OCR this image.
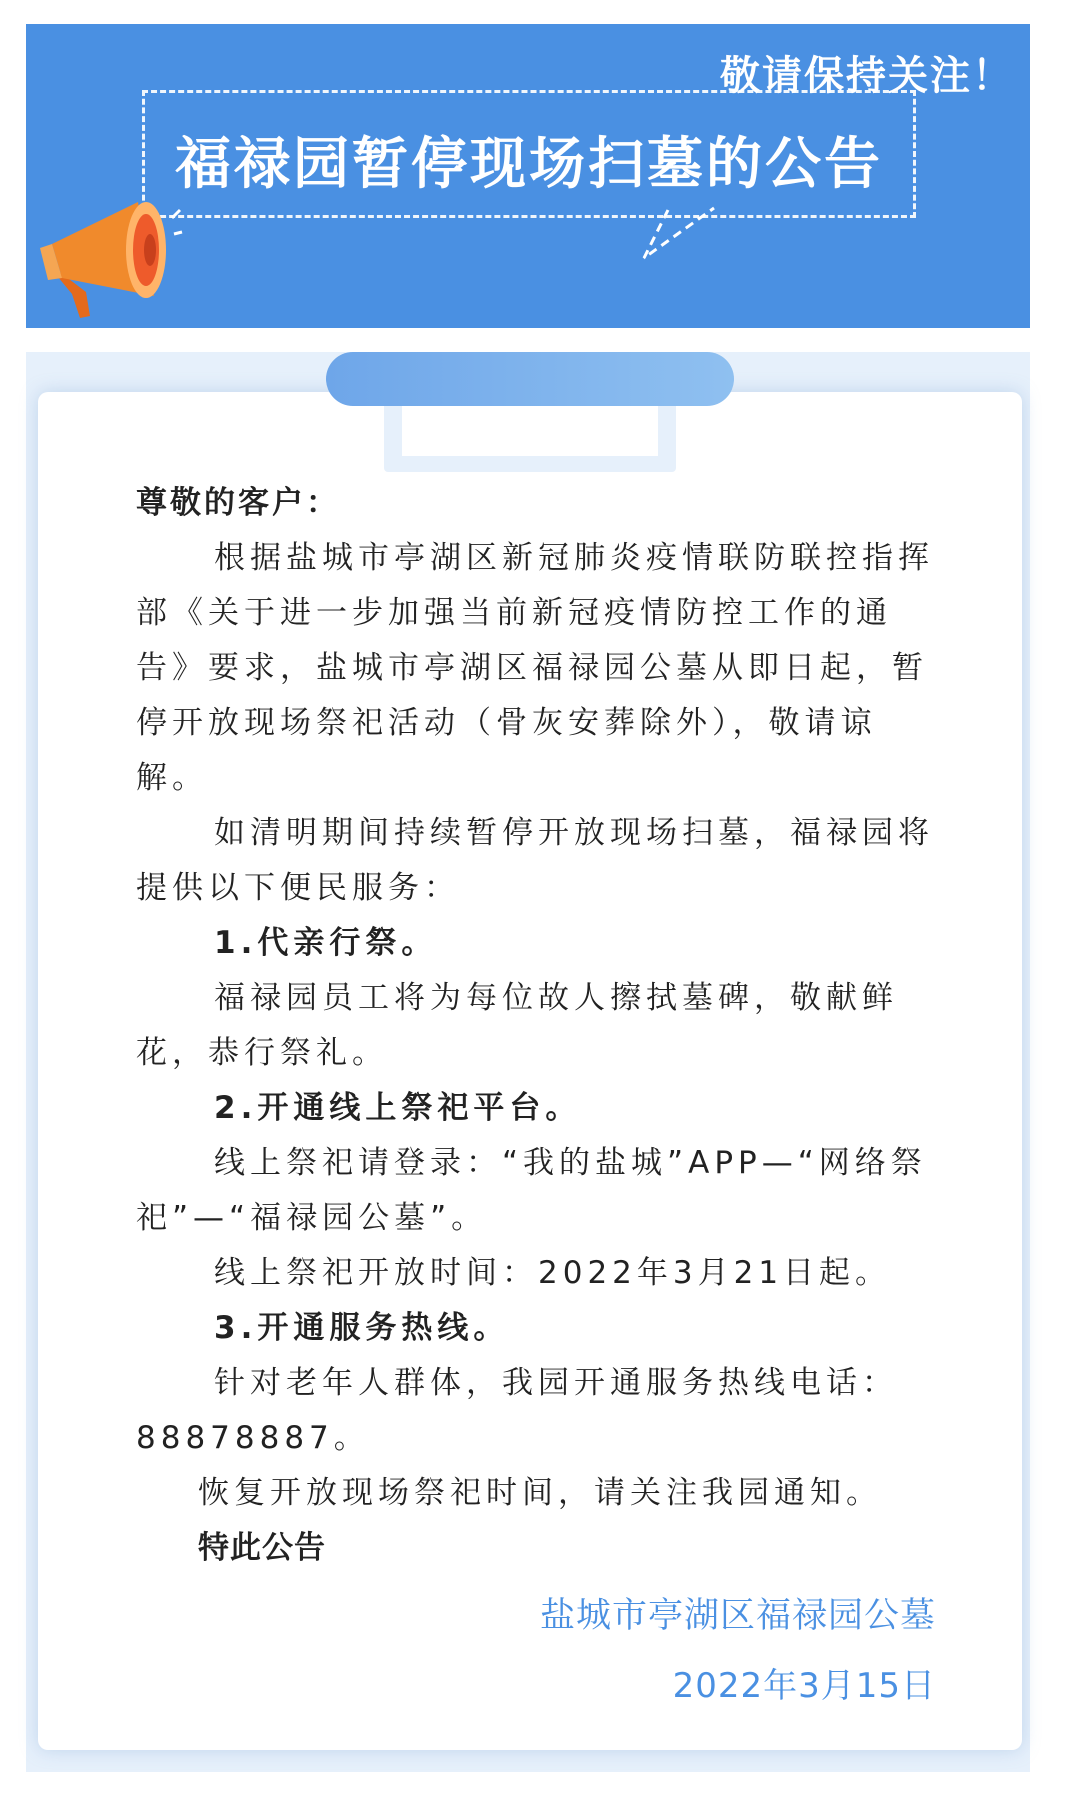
敬请保持关注！
福禄园暂停现场扫墓的公告

尊敬的客户：

根据盐城市亭湖区新冠肺炎疫情联防联控指挥部《关于进一步加强当前新冠疫情防控工作的通告》要求，盐城市亭湖区福禄园公墓从即日起，暂停开放现场祭祀活动（骨灰安葬除外），敬请谅解。

如清明期间持续暂停开放现场扫墓，福禄园将提供以下便民服务：

1.代亲行祭。

福禄园员工将为每位故人擦拭墓碑，敬献鲜花，恭行祭礼。

2.开通线上祭祀平台。

线上祭祀请登录：“我的盐城”APP—“网络祭祀”—“福禄园公墓”。

线上祭祀开放时间：2022年3月21日起。

3.开通服务热线。

针对老年人群体，我园开通服务热线电话：88878887。

恢复开放现场祭祀时间，请关注我园通知。

特此公告

盐城市亭湖区福禄园公墓
2022年3月15日
